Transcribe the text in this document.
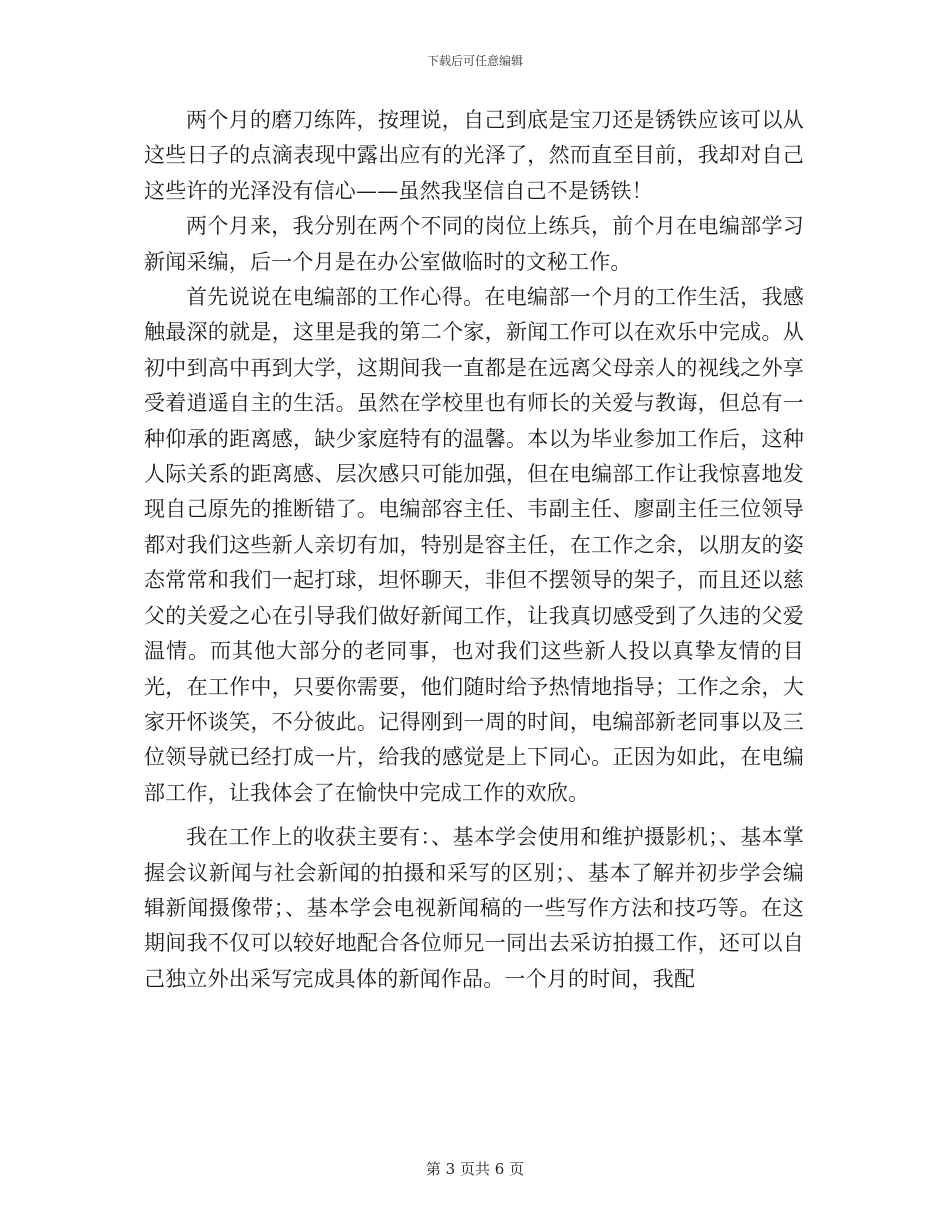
下载后可任意编辑

两个月的磨刀练阵，按理说，自己到底是宝刀还是锈铁应该可以从这些日子的点滴表现中露出应有的光泽了，然而直至目前，我却对自己这些许的光泽没有信心——虽然我坚信自己不是锈铁！

两个月来，我分别在两个不同的岗位上练兵，前个月在电编部学习新闻采编，后一个月是在办公室做临时的文秘工作。

首先说说在电编部的工作心得。在电编部一个月的工作生活，我感触最深的就是，这里是我的第二个家，新闻工作可以在欢乐中完成。从初中到高中再到大学，这期间我一直都是在远离父母亲人的视线之外享受着逍遥自主的生活。虽然在学校里也有师长的关爱与教诲，但总有一种仰承的距离感，缺少家庭特有的温馨。本以为毕业参加工作后，这种人际关系的距离感、层次感只可能加强，但在电编部工作让我惊喜地发现自己原先的推断错了。电编部容主任、韦副主任、廖副主任三位领导都对我们这些新人亲切有加，特别是容主任，在工作之余，以朋友的姿态常常和我们一起打球，坦怀聊天，非但不摆领导的架子，而且还以慈父的关爱之心在引导我们做好新闻工作，让我真切感受到了久违的父爱温情。而其他大部分的老同事，也对我们这些新人投以真挚友情的目光，在工作中，只要你需要，他们随时给予热情地指导；工作之余，大家开怀谈笑，不分彼此。记得刚到一周的时间，电编部新老同事以及三位领导就已经打成一片，给我的感觉是上下同心。正因为如此，在电编部工作，让我体会了在愉快中完成工作的欢欣。

我在工作上的收获主要有：、基本学会使用和维护摄影机；、基本掌握会议新闻与社会新闻的拍摄和采写的区别；、基本了解并初步学会编辑新闻摄像带；、基本学会电视新闻稿的一些写作方法和技巧等。在这期间我不仅可以较好地配合各位师兄一同出去采访拍摄工作，还可以自己独立外出采写完成具体的新闻作品。一个月的时间，我配

第 3 页共 6 页
